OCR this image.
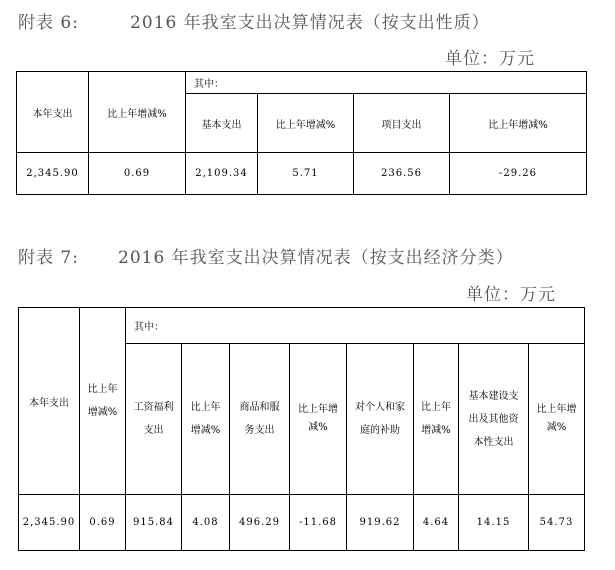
附表 6:	2016 年我室支出决算情况表（按支出性质）
单位：万元
本年支出	比上年增减%	其中：			
		基本支出	比上年增减%	项目支出	比上年增减%
2,345.90	0.69	2,109.34	5.71	236.56	-29.26
附表 7: 2016 年我室支出决算情况表（按支出经济分类）
单位：万元
本年支出	比上年增减%	其中：							

		工资福利支出	比上年增减%	商品和服务支出	比上年增减%	对个人和家庭的补助	比上年增减%	基本建设支出及其他资本性支出	比上年增减%

2,345.90	0.69	915.84	4.08	496.29	-11.68	919.62	4.64	14.15	54.73
